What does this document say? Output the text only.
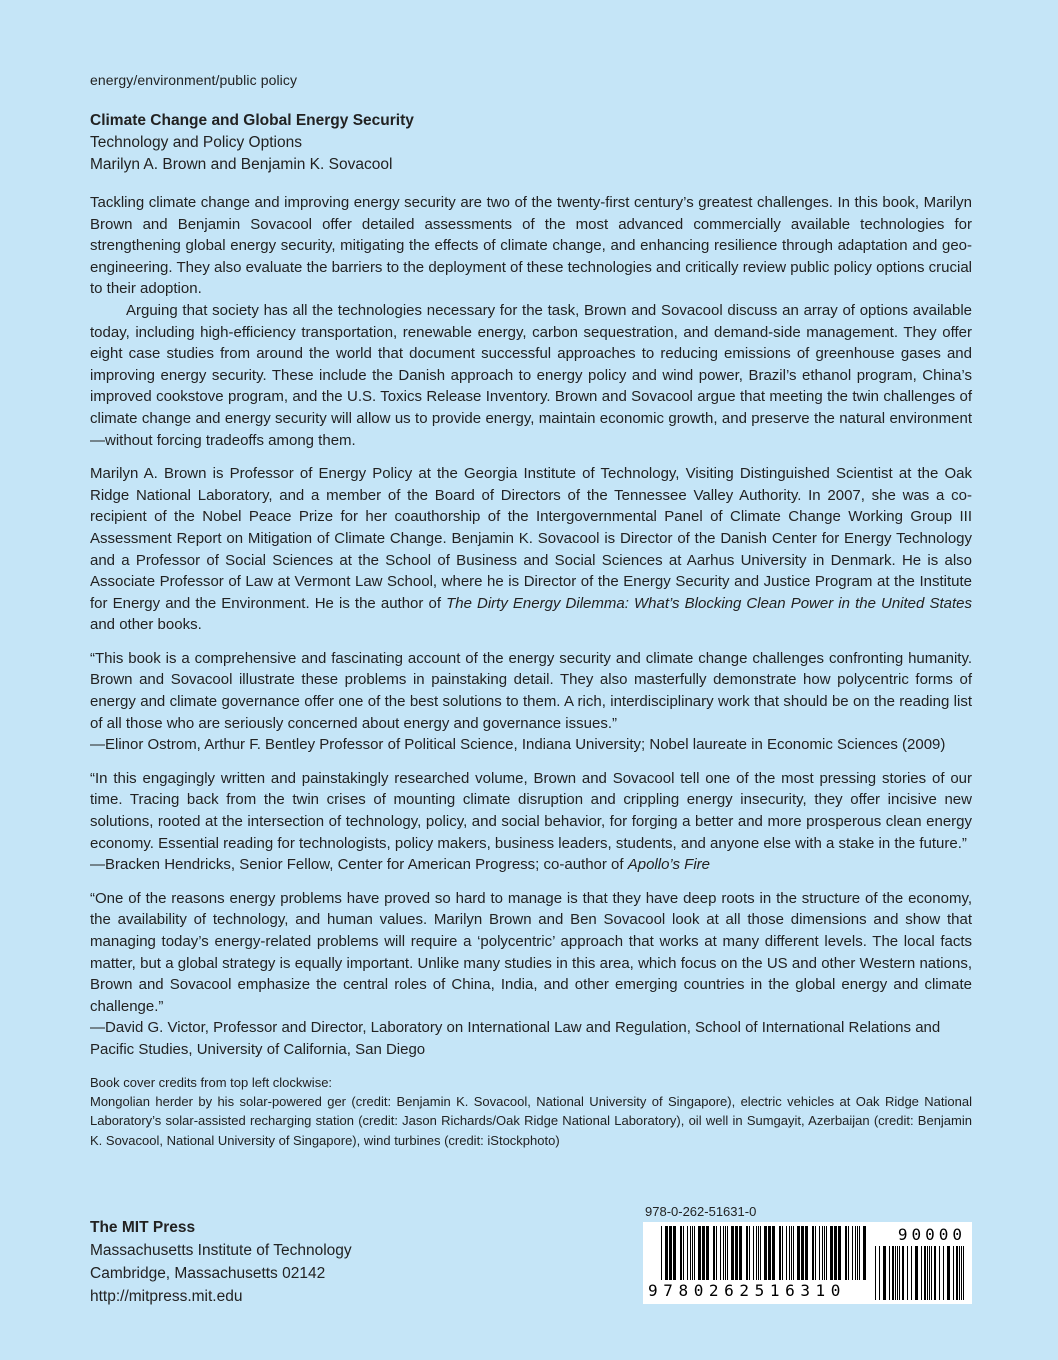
energy/environment/public policy
Climate Change and Global Energy Security
Technology and Policy Options
Marilyn A. Brown and Benjamin K. Sovacool

Tackling climate change and improving energy security are two of the twenty-first century’s greatest challenges. In this book, Marilyn Brown and Benjamin Sovacool offer detailed assessments of the most advanced commercially available technologies for strengthening global energy security, mitigating the effects of climate change, and enhancing resilience through adaptation and geo-engineering. They also evaluate the barriers to the deployment of these technologies and critically review public policy options crucial to their adoption.

Arguing that society has all the technologies necessary for the task, Brown and Sovacool discuss an array of options available today, including high-efficiency transportation, renewable energy, carbon sequestration, and demand-side management. They offer eight case studies from around the world that document successful approaches to reducing emissions of greenhouse gases and improving energy security. These include the Danish approach to energy policy and wind power, Brazil’s ethanol program, China’s improved cookstove program, and the U.S. Toxics Release Inventory. Brown and Sovacool argue that meeting the twin challenges of climate change and energy security will allow us to provide energy, maintain economic growth, and preserve the natural environment—without forcing tradeoffs among them.

Marilyn A. Brown is Professor of Energy Policy at the Georgia Institute of Technology, Visiting Distinguished Scientist at the Oak Ridge National Laboratory, and a member of the Board of Directors of the Tennessee Valley Authority. In 2007, she was a co-recipient of the Nobel Peace Prize for her coauthorship of the Intergovernmental Panel of Climate Change Working Group III Assessment Report on Mitigation of Climate Change. Benjamin K. Sovacool is Director of the Danish Center for Energy Technology and a Professor of Social Sciences at the School of Business and Social Sciences at Aarhus University in Denmark. He is also Associate Professor of Law at Vermont Law School, where he is Director of the Energy Security and Justice Program at the Institute for Energy and the Environment. He is the author of The Dirty Energy Dilemma: What’s Blocking Clean Power in the United States and other books.

“This book is a comprehensive and fascinating account of the energy security and climate change challenges confronting humanity. Brown and Sovacool illustrate these problems in painstaking detail. They also masterfully demonstrate how polycentric forms of energy and climate governance offer one of the best solutions to them. A rich, interdisciplinary work that should be on the reading list of all those who are seriously concerned about energy and governance issues.”

—Elinor Ostrom, Arthur F. Bentley Professor of Political Science, Indiana University; Nobel laureate in Economic Sciences (2009)

“In this engagingly written and painstakingly researched volume, Brown and Sovacool tell one of the most pressing stories of our time. Tracing back from the twin crises of mounting climate disruption and crippling energy insecurity, they offer incisive new solutions, rooted at the intersection of technology, policy, and social behavior, for forging a better and more prosperous clean energy economy. Essential reading for technologists, policy makers, business leaders, students, and anyone else with a stake in the future.”

—Bracken Hendricks, Senior Fellow, Center for American Progress; co-author of Apollo’s Fire

“One of the reasons energy problems have proved so hard to manage is that they have deep roots in the structure of the economy, the availability of technology, and human values. Marilyn Brown and Ben Sovacool look at all those dimensions and show that managing today’s energy-related problems will require a ‘polycentric’ approach that works at many different levels. The local facts matter, but a global strategy is equally important. Unlike many studies in this area, which focus on the US and other Western nations, Brown and Sovacool emphasize the central roles of China, India, and other emerging countries in the global energy and climate challenge.”

—David G. Victor, Professor and Director, Laboratory on International Law and Regulation, School of International Relations and Pacific Studies, University of California, San Diego

Book cover credits from top left clockwise:

Mongolian herder by his solar-powered ger (credit: Benjamin K. Sovacool, National University of Singapore), electric vehicles at Oak Ridge National Laboratory’s solar-assisted recharging station (credit: Jason Richards/Oak Ridge National Laboratory), oil well in Sumgayit, Azerbaijan (credit: Benjamin K. Sovacool, National University of Singapore), wind turbines (credit: iStockphoto)

The MIT Press
Massachusetts Institute of Technology
Cambridge, Massachusetts 02142
http://mitpress.mit.edu
978-0-262-51631-0
9780262516310
90000
